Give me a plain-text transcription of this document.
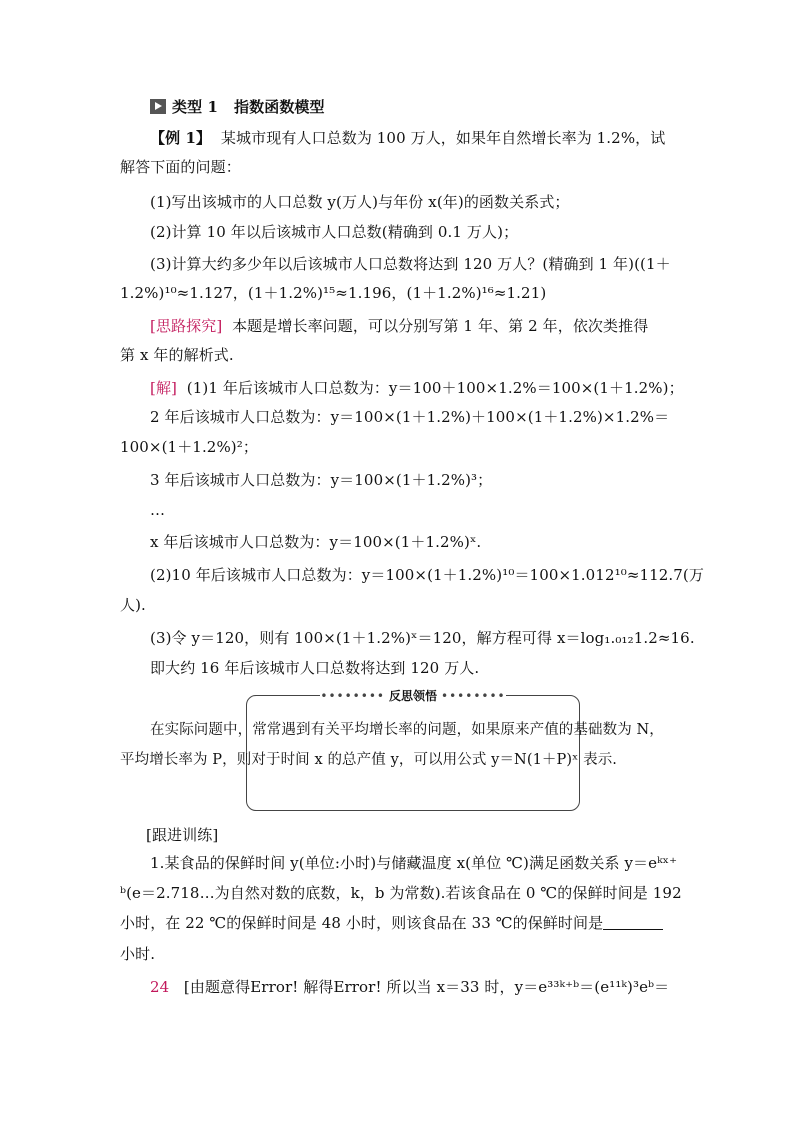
类型 1 指数函数模型
【例 1】 某城市现有人口总数为 100 万人，如果年自然增长率为 1.2%，试
解答下面的问题：
(1)写出该城市的人口总数 y(万人)与年份 x(年)的函数关系式；
(2)计算 10 年以后该城市人口总数(精确到 0.1 万人)；
(3)计算大约多少年以后该城市人口总数将达到 120 万人？(精确到 1 年)((1＋
1.2%)¹⁰≈1.127，(1＋1.2%)¹⁵≈1.196，(1＋1.2%)¹⁶≈1.21)
[思路探究] 本题是增长率问题，可以分别写第 1 年、第 2 年，依次类推得
第 x 年的解析式.
[解] (1)1 年后该城市人口总数为：y＝100＋100×1.2%＝100×(1＋1.2%)；
2 年后该城市人口总数为：y＝100×(1＋1.2%)＋100×(1＋1.2%)×1.2%＝
100×(1＋1.2%)²；
3 年后该城市人口总数为：y＝100×(1＋1.2%)³；
…
x 年后该城市人口总数为：y＝100×(1＋1.2%)ˣ.
(2)10 年后该城市人口总数为：y＝100×(1＋1.2%)¹⁰＝100×1.012¹⁰≈112.7(万
人).
(3)令 y＝120，则有 100×(1＋1.2%)ˣ＝120，解方程可得 x＝log₁.₀₁₂1.2≈16.
即大约 16 年后该城市人口总数将达到 120 万人.
•••••••• 反思领悟 ••••••••
在实际问题中，常常遇到有关平均增长率的问题，如果原来产值的基础数为 N，
平均增长率为 P，则对于时间 x 的总产值 y，可以用公式 y＝N(1＋P)ˣ 表示.
[跟进训练]
1.某食品的保鲜时间 y(单位:小时)与储藏温度 x(单位 ℃)满足函数关系 y＝eᵏˣ⁺
ᵇ(e＝2.718…为自然对数的底数，k，b 为常数).若该食品在 0 ℃的保鲜时间是 192
小时，在 22 ℃的保鲜时间是 48 小时，则该食品在 33 ℃的保鲜时间是
小时.
24 [由题意得Error! 解得Error! 所以当 x＝33 时，y＝e³³ᵏ⁺ᵇ＝(e¹¹ᵏ)³eᵇ＝
